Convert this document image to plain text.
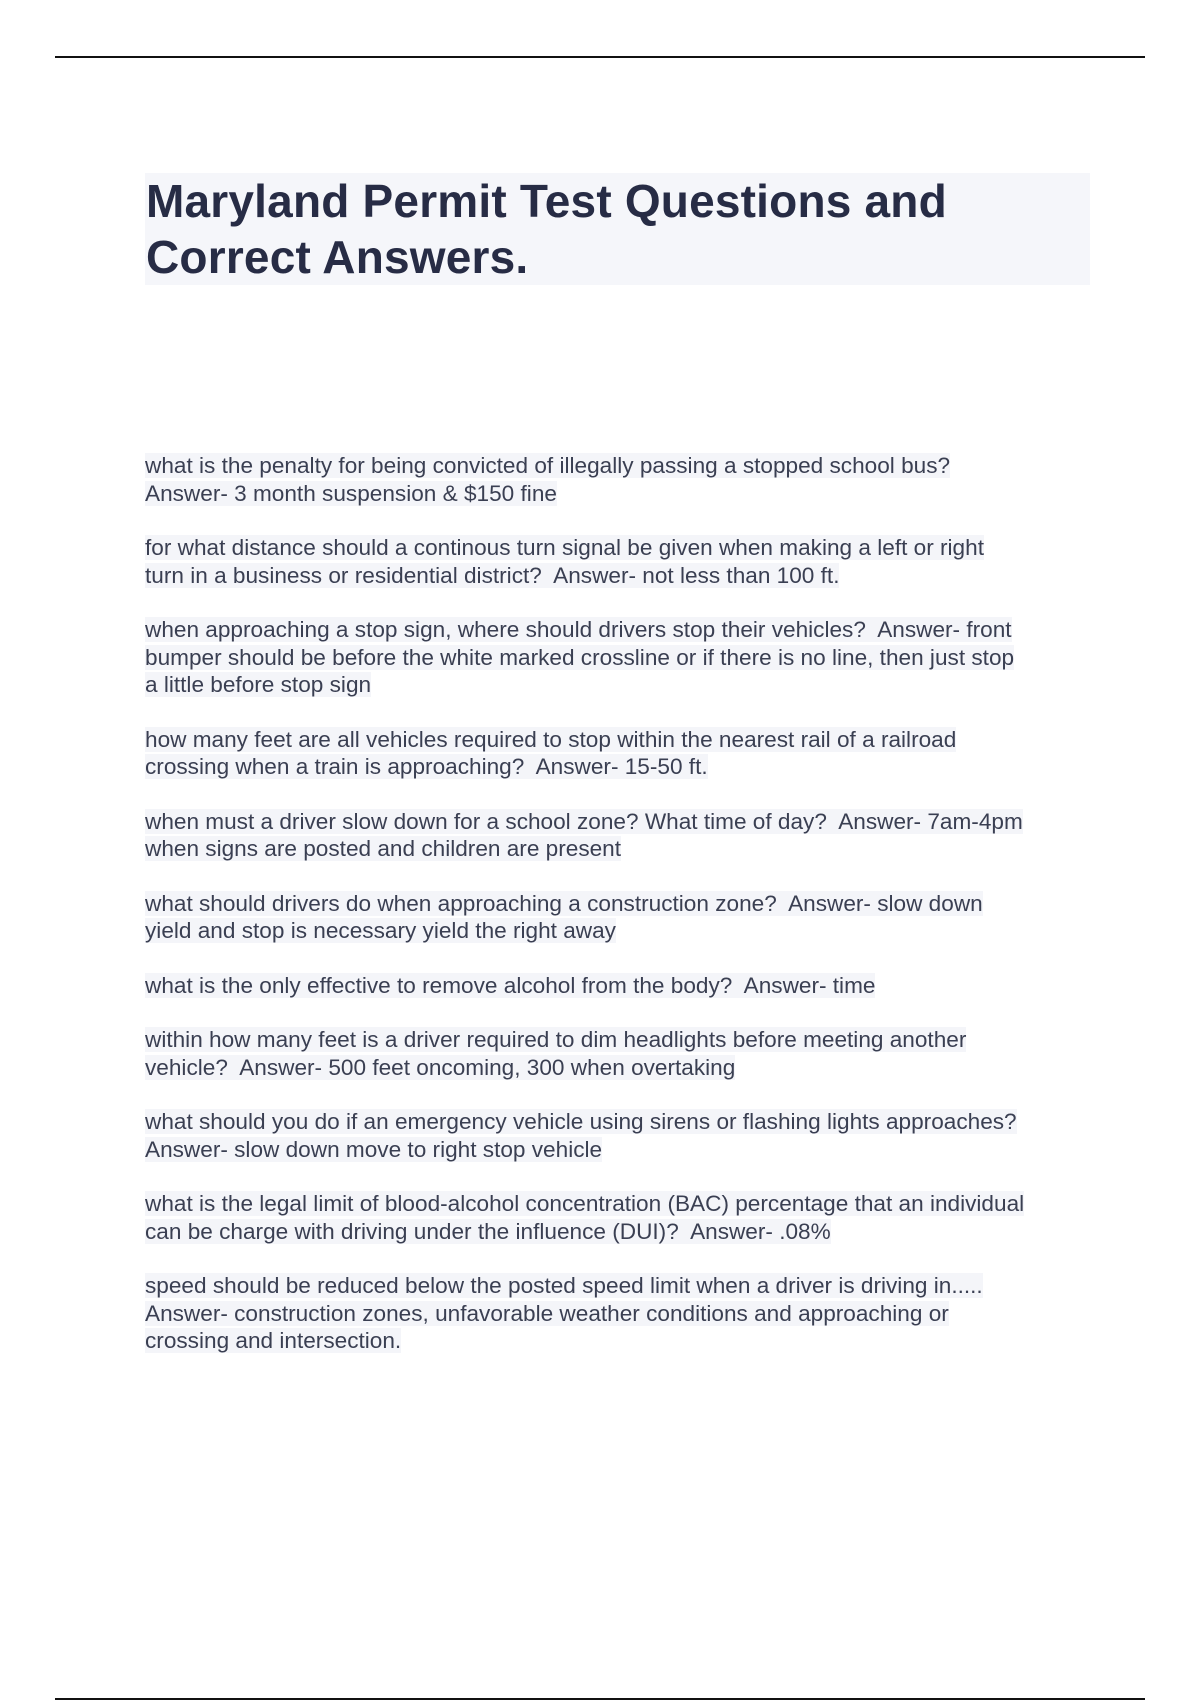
Maryland Permit Test Questions and Correct Answers.
what is the penalty for being convicted of illegally passing a stopped school bus?
Answer- 3 month suspension & $150 fine
for what distance should a continous turn signal be given when making a left or right
turn in a business or residential district?  Answer- not less than 100 ft.
when approaching a stop sign, where should drivers stop their vehicles?  Answer- front
bumper should be before the white marked crossline or if there is no line, then just stop
a little before stop sign
how many feet are all vehicles required to stop within the nearest rail of a railroad
crossing when a train is approaching?  Answer- 15-50 ft.
when must a driver slow down for a school zone? What time of day?  Answer- 7am-4pm
when signs are posted and children are present
what should drivers do when approaching a construction zone?  Answer- slow down
yield and stop is necessary yield the right away
what is the only effective to remove alcohol from the body?  Answer- time
within how many feet is a driver required to dim headlights before meeting another
vehicle?  Answer- 500 feet oncoming, 300 when overtaking
what should you do if an emergency vehicle using sirens or flashing lights approaches?
Answer- slow down move to right stop vehicle
what is the legal limit of blood-alcohol concentration (BAC) percentage that an individual
can be charge with driving under the influence (DUI)?  Answer- .08%
speed should be reduced below the posted speed limit when a driver is driving in.....
Answer- construction zones, unfavorable weather conditions and approaching or
crossing and intersection.
